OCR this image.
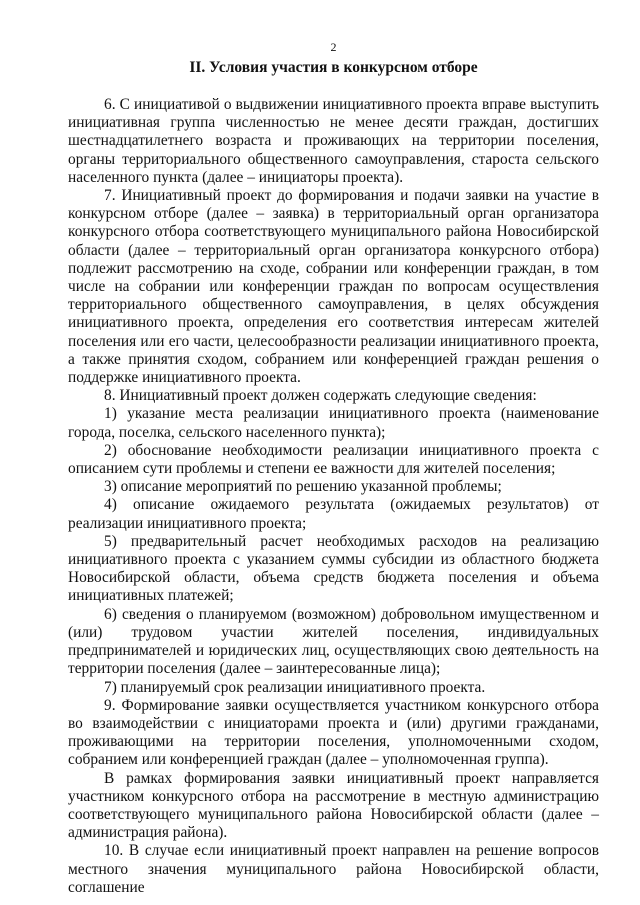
2
II. Условия участия в конкурсном отборе

6. С инициативой о выдвижении инициативного проекта вправе выступить инициативная группа численностью не менее десяти граждан, достигших шестнадцатилетнего возраста и проживающих на территории поселения, органы территориального общественного самоуправления, староста сельского населенного пункта (далее – инициаторы проекта).

7. Инициативный проект до формирования и подачи заявки на участие в конкурсном отборе (далее – заявка) в территориальный орган организатора конкурсного отбора соответствующего муниципального района Новосибирской области (далее – территориальный орган организатора конкурсного отбора) подлежит рассмотрению на сходе, собрании или конференции граждан, в том числе на собрании или конференции граждан по вопросам осуществления территориального общественного самоуправления, в целях обсуждения инициативного проекта, определения его соответствия интересам жителей поселения или его части, целесообразности реализации инициативного проекта, а также принятия сходом, собранием или конференцией граждан решения о поддержке инициативного проекта.

8. Инициативный проект должен содержать следующие сведения:

1) указание места реализации инициативного проекта (наименование города, поселка, сельского населенного пункта);

2) обоснование необходимости реализации инициативного проекта с описанием сути проблемы и степени ее важности для жителей поселения;

3) описание мероприятий по решению указанной проблемы;

4) описание ожидаемого результата (ожидаемых результатов) от реализации инициативного проекта;

5) предварительный расчет необходимых расходов на реализацию инициативного проекта с указанием суммы субсидии из областного бюджета Новосибирской области, объема средств бюджета поселения и объема инициативных платежей;

6) сведения о планируемом (возможном) добровольном имущественном и (или) трудовом участии жителей поселения, индивидуальных предпринимателей и юридических лиц, осуществляющих свою деятельность на территории поселения (далее – заинтересованные лица);

7) планируемый срок реализации инициативного проекта.

9. Формирование заявки осуществляется участником конкурсного отбора во взаимодействии с инициаторами проекта и (или) другими гражданами, проживающими на территории поселения, уполномоченными сходом, собранием или конференцией граждан (далее – уполномоченная группа).

В рамках формирования заявки инициативный проект направляется участником конкурсного отбора на рассмотрение в местную администрацию соответствующего муниципального района Новосибирской области (далее – администрация района).

10. В случае если инициативный проект направлен на решение вопросов местного значения муниципального района Новосибирской области, соглашение
